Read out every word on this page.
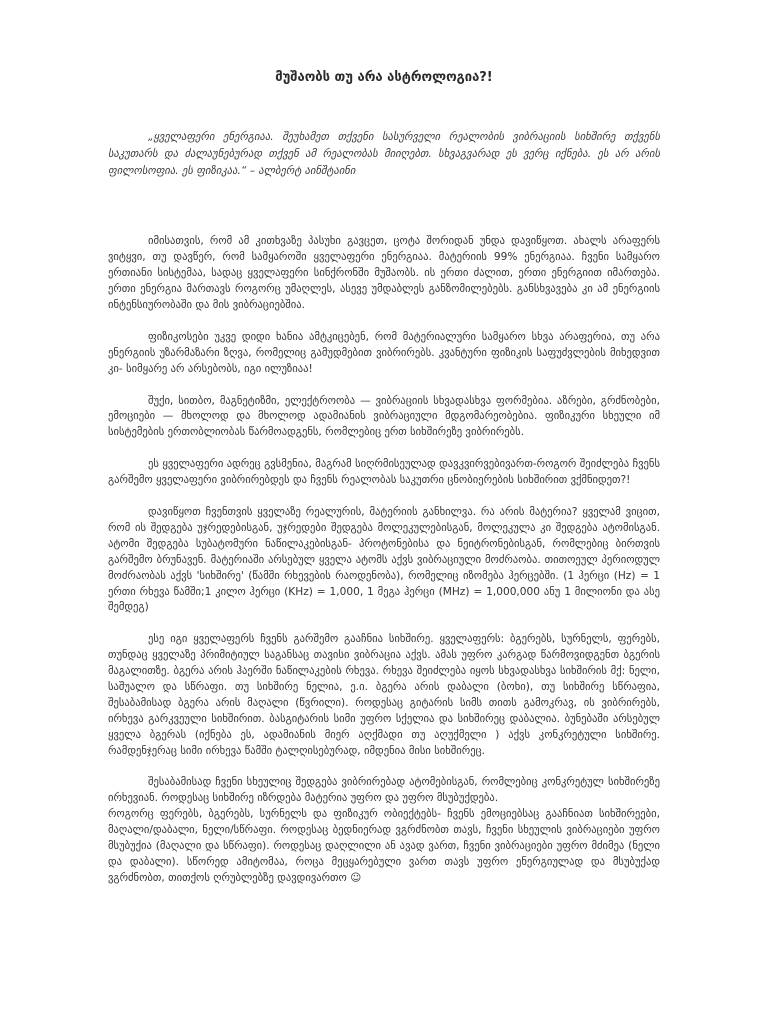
მუშაობს თუ არა ასტროლოგია?!

„ყველაფერი ენერგიაა. შეუხამეთ თქვენი სასურველი რეალობის ვიბრაციის სიხშირე თქვენს საკუთარს და ძალაუნებურად თქვენ ამ რეალობას მიიღებთ. სხვაგვარად ეს ვერც იქნება. ეს არ არის ფილოსოფია. ეს ფიზიკაა.“ – ალბერტ აინშტაინი

იმისათვის, რომ ამ კითხვაზე პასუხი გავცეთ, ცოტა შორიდან უნდა დავიწყოთ. ახალს არაფერს ვიტყვი, თუ დავწერ, რომ სამყაროში ყველაფერი ენერგიაა. მატერიის 99% ენერგიაა. ჩვენი სამყარო ერთიანი სისტემაა, სადაც ყველაფერი სინქრონში მუშაობს. ის ერთი ძალით, ერთი ენერგიით იმართება. ერთი ენერგია მართავს როგორც უმაღლეს, ასევე უმდაბლეს განზომილებებს. განსხვავება კი ამ ენერგიის ინტენსიურობაში და მის ვიბრაციებშია.

ფიზიკოსები უკვე დიდი ხანია ამტკიცებენ, რომ მატერიალური სამყარო სხვა არაფერია, თუ არა ენერგიის უზარმაზარი ზღვა, რომელიც გამუდმებით ვიბრირებს. კვანტური ფიზიკის საფუძვლების მიხედვით კი- სიმყარე არ არსებობს, იგი ილუზიაა!

შუქი, სითბო, მაგნეტიზმი, ელექტროობა — ვიბრაციის სხვადასხვა ფორმებია. აზრები, გრძნობები, ემოციები — მხოლოდ და მხოლოდ ადამიანის ვიბრაციული მდგომარეობებია. ფიზიკური სხეული იმ სისტემების ერთობლიობას წარმოადგენს, რომლებიც ერთ სიხშირეზე ვიბრირებს.

ეს ყველაფერი ადრეც გვსმენია, მაგრამ სიღრმისეულად დავკვირვებივართ-როგორ შეიძლება ჩვენს გარშემო ყველაფერი ვიბრირებდეს და ჩვენს რეალობას საკუთრი ცნობიერების სიხშირით ვქმნიდეთ?!

დავიწყოთ ჩვენთვის ყველაზე რეალურის, მატერიის განხილვა. რა არის მატერია? ყველამ ვიცით, რომ ის შედგება უჯრედებისგან, უჯრედები შედგება მოლეკულებისგან, მოლეკულა კი შედგება ატომისგან. ატომი შედგება სუბატომური ნაწილაკებისგან- პროტონებისა და ნეიტრონებისგან, რომლებიც ბირთვის გარშემო ბრუნავენ. მატერიაში არსებულ ყველა ატომს აქვს ვიბრაციული მოძრაობა. თითოეულ პერიოდულ მოძრაობას აქვს 'სიხშირე' (წამში რხევების რაოდენობა), რომელიც იზომება ჰერცებში. (1 ჰერცი (Hz) = 1 ერთი რხევა წამში;1 კილო ჰერცი (KHz) = 1,000, 1 მეგა ჰერცი (MHz) = 1,000,000 ანუ 1 მილიონი და ასე შემდეგ)

ესე იგი ყველაფერს ჩვენს გარშემო გააჩნია სიხშირე. ყველაფერს: ბგერებს, სურნელს, ფერებს, თუნდაც ყველაზე პრიმიტიულ საგანსაც თავისი ვიბრაცია აქვს. ამას უფრო კარგად წარმოვიდგენთ ბგერის მაგალითზე. ბგერა არის ჰაერში ნაწილაკების რხევა. რხევა შეიძლება იყოს სხვადასხვა სიხშირის მქ: ნელი, საშუალო და სწრაფი. თუ სიხშირე ნელია, ე.ი. ბგერა არის დაბალი (ბოხი), თუ სიხშირე სწრაფია, შესაბამისად ბგერა არის მაღალი (წვრილი). როდესაც გიტარის სიმს თითს გამოკრავ, ის ვიბრირებს, ირხევა გარკვეული სიხშირით. ბასგიტარის სიმი უფრო სქელია და სიხშირეც დაბალია. ბუნებაში არსებულ ყველა ბგერას (იქნება ეს, ადამიანის მიერ აღქმადი თუ აღუქმელი ) აქვს კონკრეტული სიხშირე. რამდენჯერაც სიმი ირხევა წამში ტალღისებურად, იმდენია მისი სიხშირეც.

შესაბამისად ჩვენი სხეულიც შედგება ვიბრირებად ატომებისგან, რომლებიც კონკრეტულ სიხშირეზე ირხევიან. როდესაც სიხშირე იზრდება მატერია უფრო და უფრო მსუბუქდება.
როგორც ფერებს, ბგერებს, სურნელს და ფიზიკურ ობიექტებს- ჩვენს ემოციებსაც გააჩნიათ სიხშირეები, მაღალი/დაბალი, ნელი/სწრაფი. როდესაც ბედნიერად ვგრძნობთ თავს, ჩვენი სხეულის ვიბრაციები უფრო მსუბუქია (მაღალი და სწრაფი). როდესაც დაღლილი ან ავად ვართ, ჩვენი ვიბრაციები უფრო მძიმეა (ნელი და დაბალი). სწორედ ამიტომაა, როცა მეცყარებული ვართ თავს უფრო ენერგიულად და მსუბუქად ვგრძნობთ, თითქოს ღრუბლებზე დავდივართო ☺
